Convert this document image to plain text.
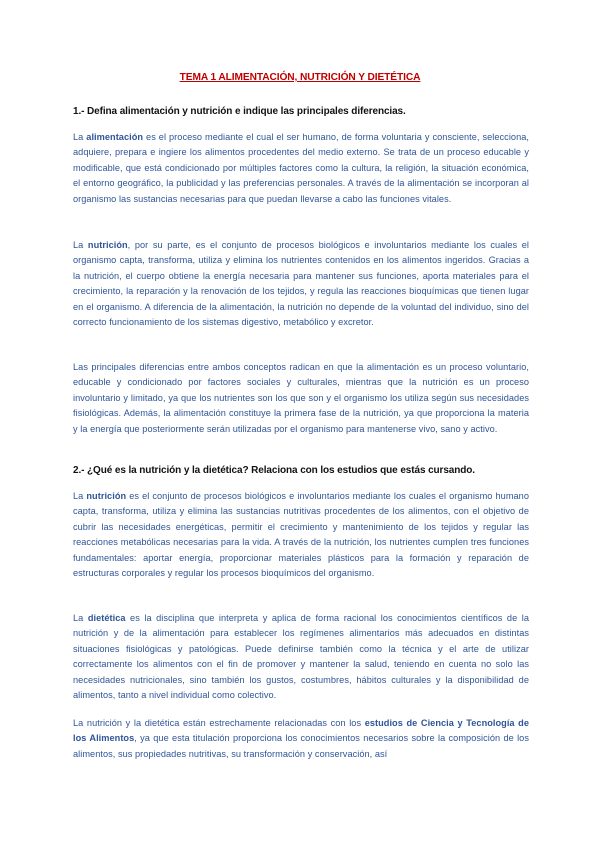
TEMA 1 ALIMENTACIÓN, NUTRICIÓN Y DIETÉTICA
1.- Defina alimentación y nutrición e indique las principales diferencias.

La alimentación es el proceso mediante el cual el ser humano, de forma voluntaria y consciente, selecciona, adquiere, prepara e ingiere los alimentos procedentes del medio externo. Se trata de un proceso educable y modificable, que está condicionado por múltiples factores como la cultura, la religión, la situación económica, el entorno geográfico, la publicidad y las preferencias personales. A través de la alimentación se incorporan al organismo las sustancias necesarias para que puedan llevarse a cabo las funciones vitales.

La nutrición, por su parte, es el conjunto de procesos biológicos e involuntarios mediante los cuales el organismo capta, transforma, utiliza y elimina los nutrientes contenidos en los alimentos ingeridos. Gracias a la nutrición, el cuerpo obtiene la energía necesaria para mantener sus funciones, aporta materiales para el crecimiento, la reparación y la renovación de los tejidos, y regula las reacciones bioquímicas que tienen lugar en el organismo. A diferencia de la alimentación, la nutrición no depende de la voluntad del individuo, sino del correcto funcionamiento de los sistemas digestivo, metabólico y excretor.

Las principales diferencias entre ambos conceptos radican en que la alimentación es un proceso voluntario, educable y condicionado por factores sociales y culturales, mientras que la nutrición es un proceso involuntario y limitado, ya que los nutrientes son los que son y el organismo los utiliza según sus necesidades fisiológicas. Además, la alimentación constituye la primera fase de la nutrición, ya que proporciona la materia y la energía que posteriormente serán utilizadas por el organismo para mantenerse vivo, sano y activo.

2.- ¿Qué es la nutrición y la dietética? Relaciona con los estudios que estás cursando.

La nutrición es el conjunto de procesos biológicos e involuntarios mediante los cuales el organismo humano capta, transforma, utiliza y elimina las sustancias nutritivas procedentes de los alimentos, con el objetivo de cubrir las necesidades energéticas, permitir el crecimiento y mantenimiento de los tejidos y regular las reacciones metabólicas necesarias para la vida. A través de la nutrición, los nutrientes cumplen tres funciones fundamentales: aportar energía, proporcionar materiales plásticos para la formación y reparación de estructuras corporales y regular los procesos bioquímicos del organismo.

La dietética es la disciplina que interpreta y aplica de forma racional los conocimientos científicos de la nutrición y de la alimentación para establecer los regímenes alimentarios más adecuados en distintas situaciones fisiológicas y patológicas. Puede definirse también como la técnica y el arte de utilizar correctamente los alimentos con el fin de promover y mantener la salud, teniendo en cuenta no solo las necesidades nutricionales, sino también los gustos, costumbres, hábitos culturales y la disponibilidad de alimentos, tanto a nivel individual como colectivo.

La nutrición y la dietética están estrechamente relacionadas con los estudios de Ciencia y Tecnología de los Alimentos, ya que esta titulación proporciona los conocimientos necesarios sobre la composición de los alimentos, sus propiedades nutritivas, su transformación y conservación, así
